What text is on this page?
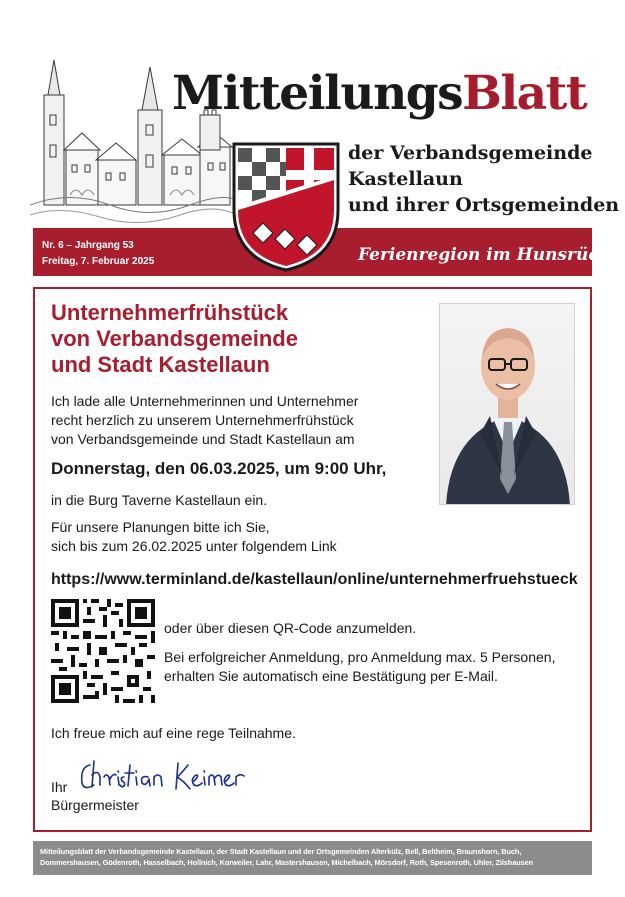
MitteilungsBlatt
der Verbandsgemeinde
Kastellaun
und ihrer Ortsgemeinden
Nr. 6 – Jahrgang 53
Freitag, 7. Februar 2025	Ferienregion im Hunsrück
Unternehmerfrühstück
von Verbandsgemeinde
und Stadt Kastellaun
Ich lade alle Unternehmerinnen und Unternehmer
recht herzlich zu unserem Unternehmerfrühstück
von Verbandsgemeinde und Stadt Kastellaun am
Donnerstag, den 06.03.2025, um 9:00 Uhr,
in die Burg Taverne Kastellaun ein.
Für unsere Planungen bitte ich Sie,
sich bis zum 26.02.2025 unter folgendem Link
https://www.terminland.de/kastellaun/online/unternehmerfruehstueck
oder über diesen QR-Code anzumelden.
Bei erfolgreicher Anmeldung, pro Anmeldung max. 5 Personen,
erhalten Sie automatisch eine Bestätigung per E-Mail.
Ich freue mich auf eine rege Teilnahme.
Ihr
Bürgermeister
Mitteilungsblatt der Verbandsgemeinde Kastellaun, der Stadt Kastellaun und der Ortsgemeinden Alterkülz, Bell, Beltheim, Braunshorn, Buch,
Dommershausen, Gödenroth, Hasselbach, Hollnich, Korweiler, Lahr, Mastershausen, Michelbach, Mörsdorf, Roth, Spesenroth, Uhler, Zilshausen
